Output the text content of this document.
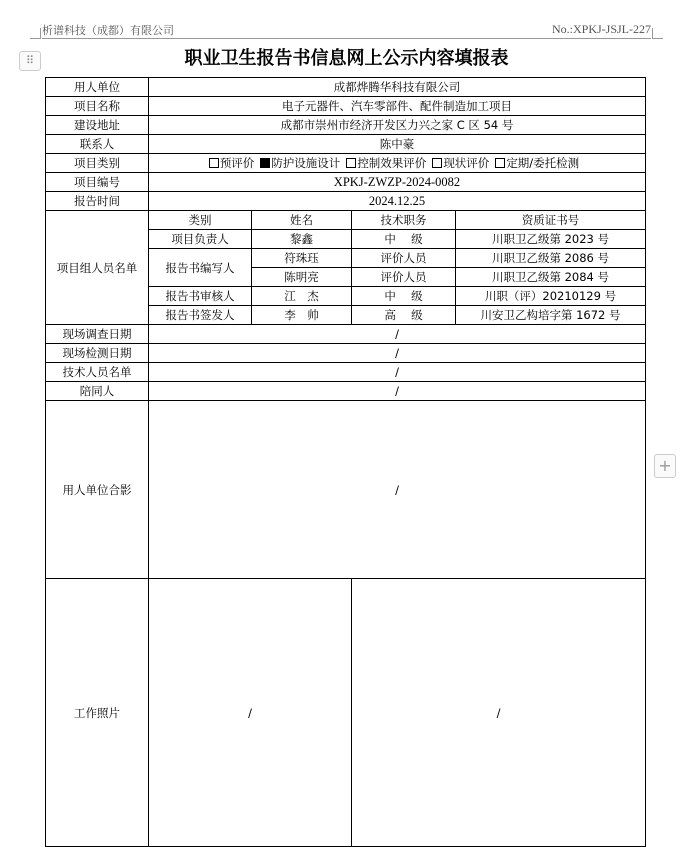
析谱科技（成都）有限公司	No.:XPKJ-JSJL-227
⠿
+
职业卫生报告书信息网上公示内容填报表
用人单位	成都烨腾华科技有限公司			
项目名称	电子元器件、汽车零部件、配件制造加工项目			
建设地址	成都市崇州市经济开发区力兴之家 C 区 54 号			
联系人	陈中豪			
项目类别	预评价 防护设施设计 控制效果评价 现状评价 定期/委托检测			
项目编号	XPKJ-ZWZP-2024-0082			
报告时间	2024.12.25			
项目组人员名单	类别	姓名	技术职务	资质证书号
	项目负责人	黎鑫	中　 级	川职卫乙级第 2023 号
	报告书编写人	符珠珏	评价人员	川职卫乙级第 2086 号
		陈明亮	评价人员	川职卫乙级第 2084 号
	报告书审核人	江　杰	中　 级	川职（评）20210129 号
	报告书签发人	李　帅	高　 级	川安卫乙构培字第 1672 号
现场调查日期	/			
现场检测日期	/			
技术人员名单	/			
陪同人	/			
用人单位合影	/			
工作照片	/		/	
